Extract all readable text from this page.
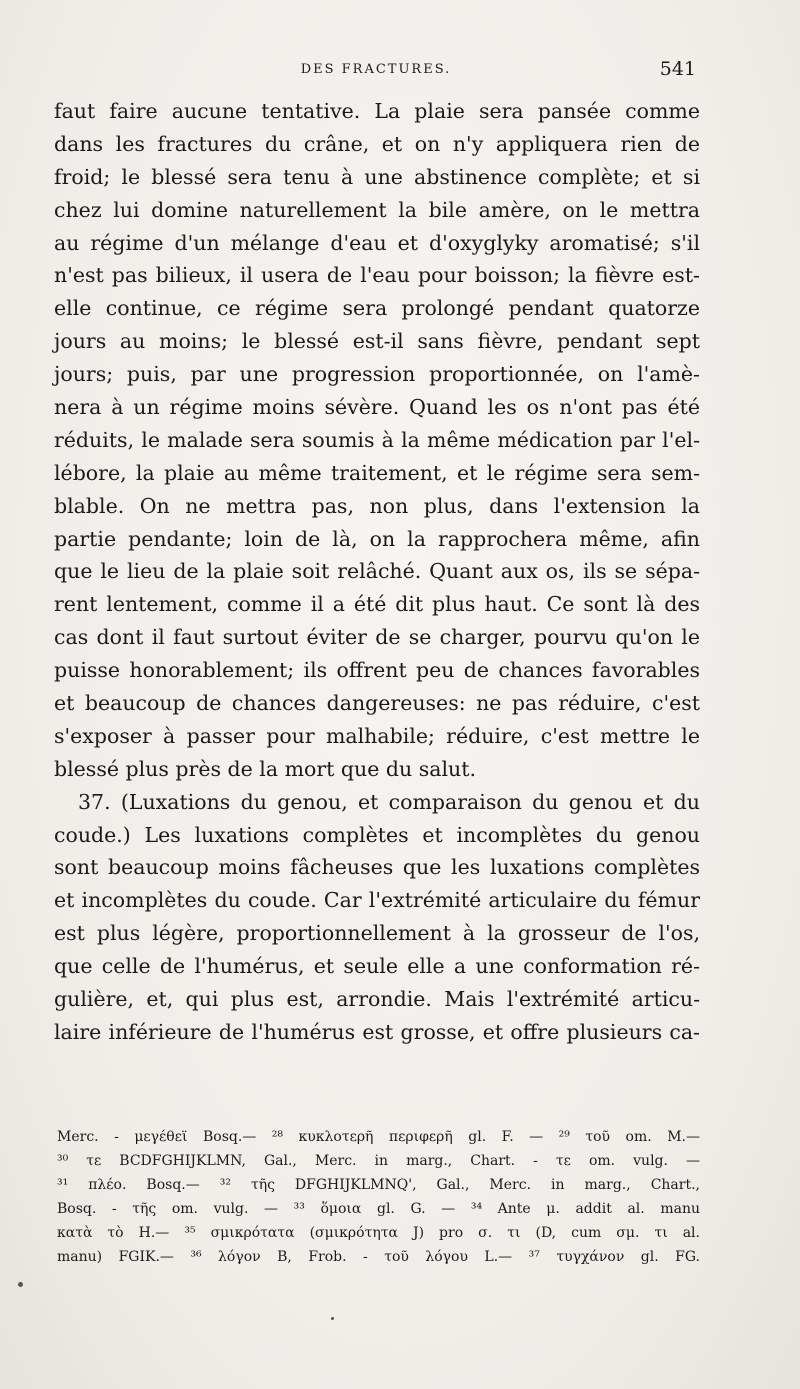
DES FRACTURES.	541
faut faire aucune tentative. La plaie sera pansée comme
dans les fractures du crâne, et on n'y appliquera rien de
froid; le blessé sera tenu à une abstinence complète; et si
chez lui domine naturellement la bile amère, on le mettra
au régime d'un mélange d'eau et d'oxyglyky aromatisé; s'il
n'est pas bilieux, il usera de l'eau pour boisson; la fièvre est-
elle continue, ce régime sera prolongé pendant quatorze
jours au moins; le blessé est-il sans fièvre, pendant sept
jours; puis, par une progression proportionnée, on l'amè-
nera à un régime moins sévère. Quand les os n'ont pas été
réduits, le malade sera soumis à la même médication par l'el-
lébore, la plaie au même traitement, et le régime sera sem-
blable. On ne mettra pas, non plus, dans l'extension la
partie pendante; loin de là, on la rapprochera même, afin
que le lieu de la plaie soit relâché. Quant aux os, ils se sépa-
rent lentement, comme il a été dit plus haut. Ce sont là des
cas dont il faut surtout éviter de se charger, pourvu qu'on le
puisse honorablement; ils offrent peu de chances favorables
et beaucoup de chances dangereuses: ne pas réduire, c'est
s'exposer à passer pour malhabile; réduire, c'est mettre le
blessé plus près de la mort que du salut.
37. (Luxations du genou, et comparaison du genou et du
coude.) Les luxations complètes et incomplètes du genou
sont beaucoup moins fâcheuses que les luxations complètes
et incomplètes du coude. Car l'extrémité articulaire du fémur
est plus légère, proportionnellement à la grosseur de l'os,
que celle de l'humérus, et seule elle a une conformation ré-
gulière, et, qui plus est, arrondie. Mais l'extrémité articu-
laire inférieure de l'humérus est grosse, et offre plusieurs ca-
Merc. - μεγέθεϊ Bosq.— ²⁸ κυκλοτερῆ περιφερῆ gl. F. — ²⁹ τοῦ om. M.—
³⁰ τε BCDFGHIJKLMN, Gal., Merc. in marg., Chart. - τε om. vulg. —
³¹ πλέο. Bosq.— ³² τῆς DFGHIJKLMNQ', Gal., Merc. in marg., Chart.,
Bosq. - τῆς om. vulg. — ³³ ὅμοια gl. G. — ³⁴ Ante μ. addit al. manu
κατὰ τὸ H.— ³⁵ σμικρότατα (σμικρότητα J) pro σ. τι (D, cum σμ. τι al.
manu) FGIK.— ³⁶ λόγον B, Frob. - τοῦ λόγου L.— ³⁷ τυγχάνον gl. FG.
